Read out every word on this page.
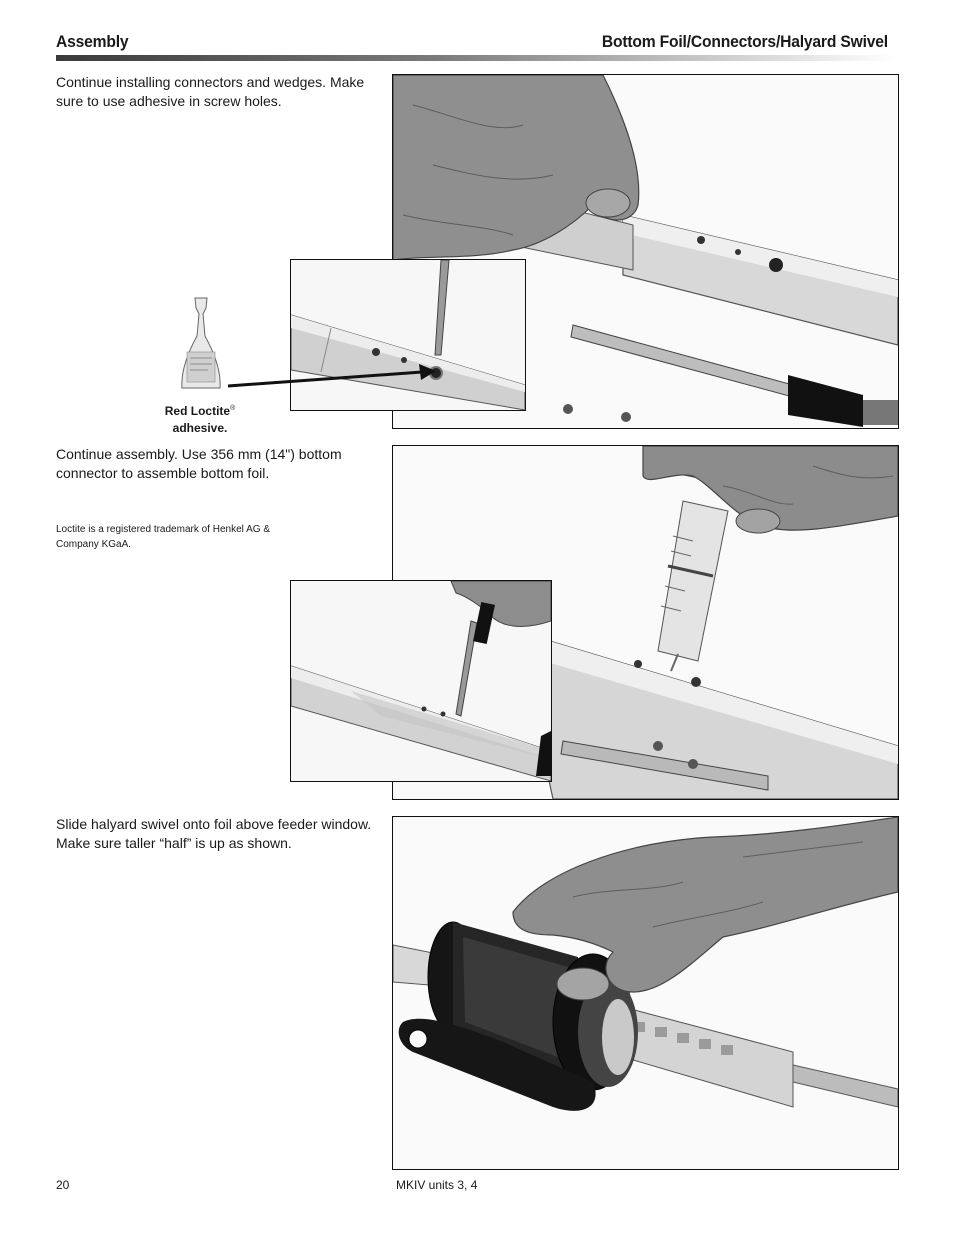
Assembly	Bottom Foil/Connectors/Halyard Swivel
Continue installing connectors and wedges. Make sure to use adhesive in screw holes.
Red Loctite®
adhesive.
Continue assembly. Use 356 mm (14") bottom connector to assemble bottom foil.
Loctite is a registered trademark of Henkel AG & Company KGaA.
Slide halyard swivel onto foil above feeder window. Make sure taller “half” is up as shown.
20	MKIV units 3, 4
